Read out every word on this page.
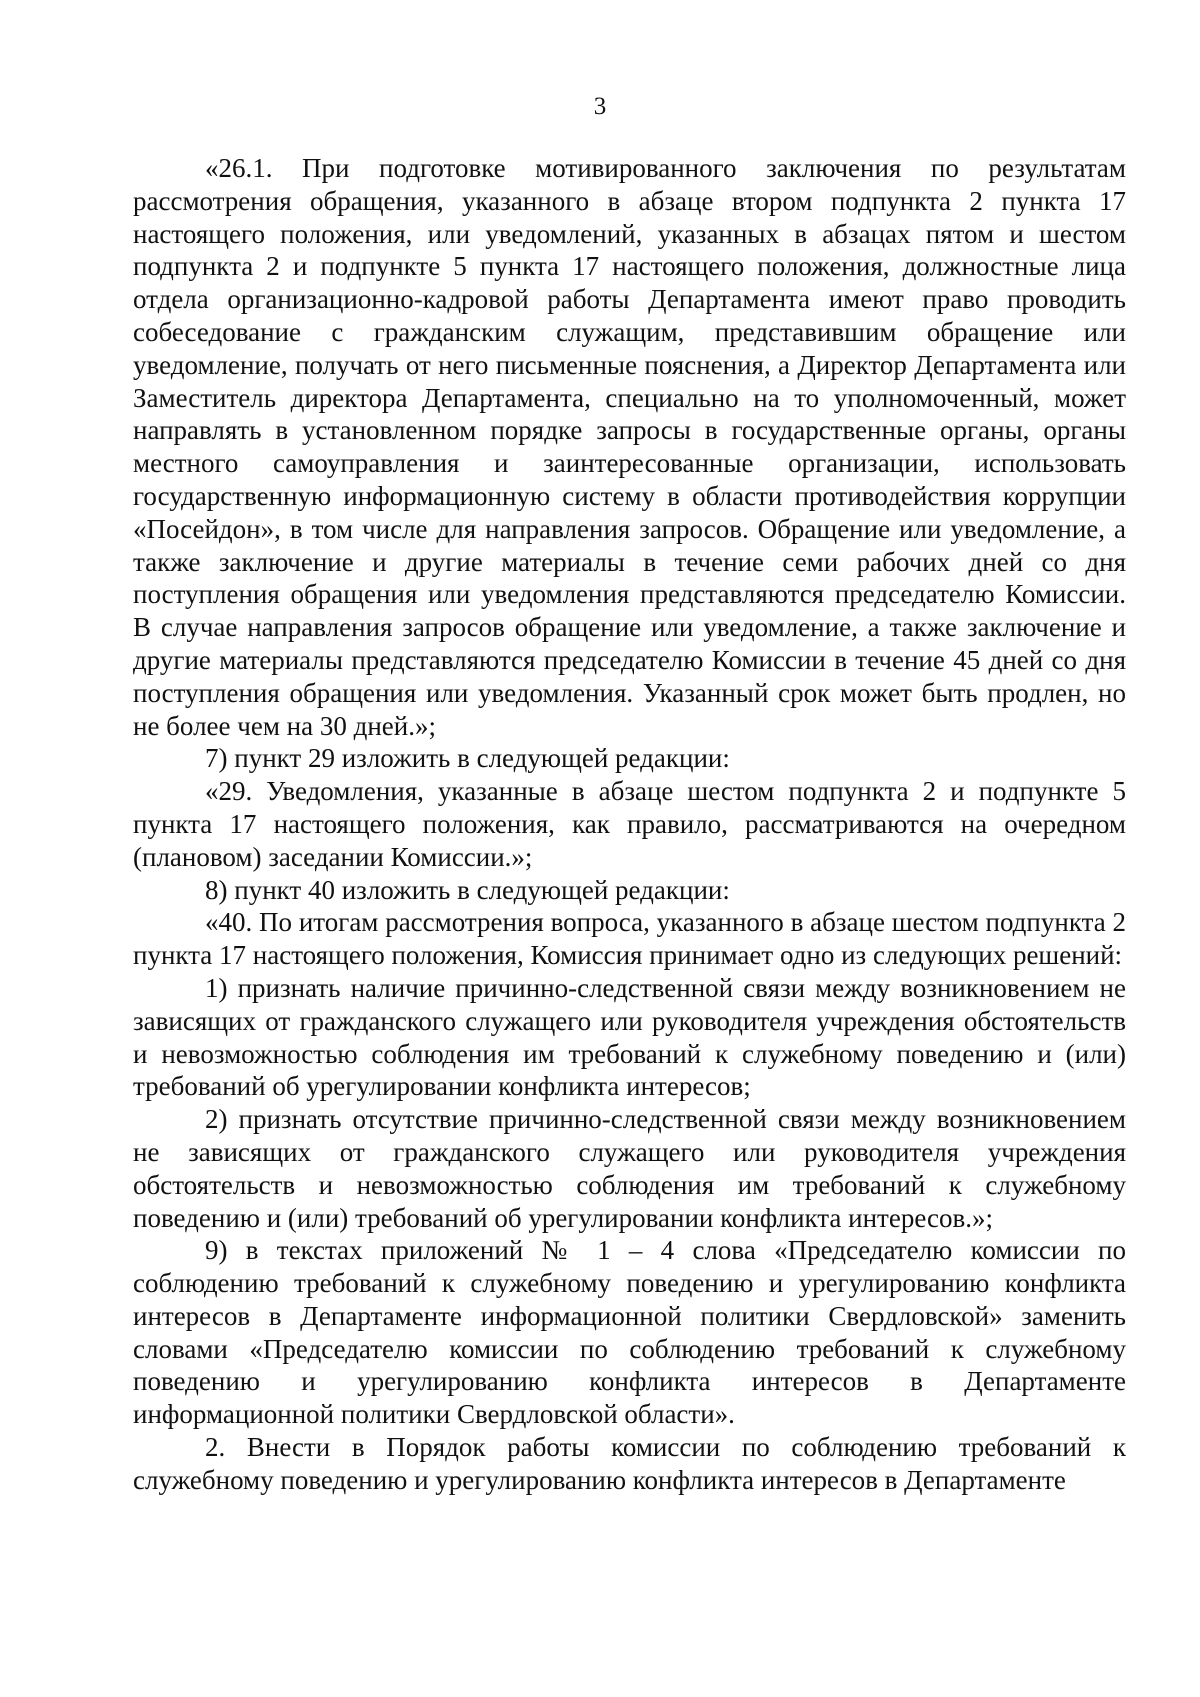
3

«26.1. При подготовке мотивированного заключения по результатам рассмотрения обращения, указанного в абзаце втором подпункта 2 пункта 17 настоящего положения, или уведомлений, указанных в абзацах пятом и шестом подпункта 2 и подпункте 5 пункта 17 настоящего положения, должностные лица отдела организационно-кадровой работы Департамента имеют право проводить собеседование с гражданским служащим, представившим обращение или уведомление, получать от него письменные пояснения, а Директор Департамента или Заместитель директора Департамента, специально на то уполномоченный, может направлять в установленном порядке запросы в государственные органы, органы местного самоуправления и заинтересованные организации, использовать государственную информационную систему в области противодействия коррупции «Посейдон», в том числе для направления запросов. Обращение или уведомление, а также заключение и другие материалы в течение семи рабочих дней со дня поступления обращения или уведомления представляются председателю Комиссии. В случае направления запросов обращение или уведомление, а также заключение и другие материалы представляются председателю Комиссии в течение 45 дней со дня поступления обращения или уведомления. Указанный срок может быть продлен, но не более чем на 30 дней.»;

7) пункт 29 изложить в следующей редакции:

«29. Уведомления, указанные в абзаце шестом подпункта 2 и подпункте 5 пункта 17 настоящего положения, как правило, рассматриваются на очередном (плановом) заседании Комиссии.»;

8) пункт 40 изложить в следующей редакции:

«40. По итогам рассмотрения вопроса, указанного в абзаце шестом подпункта 2 пункта 17 настоящего положения, Комиссия принимает одно из следующих решений:

1) признать наличие причинно-следственной связи между возникновением не зависящих от гражданского служащего или руководителя учреждения обстоятельств и невозможностью соблюдения им требований к служебному поведению и (или) требований об урегулировании конфликта интересов;

2) признать отсутствие причинно-следственной связи между возникновением не зависящих от гражданского служащего или руководителя учреждения обстоятельств и невозможностью соблюдения им требований к служебному поведению и (или) требований об урегулировании конфликта интересов.»;

9) в текстах приложений № 1 – 4 слова «Председателю комиссии по соблюдению требований к служебному поведению и урегулированию конфликта интересов в Департаменте информационной политики Свердловской» заменить словами «Председателю комиссии по соблюдению требований к служебному поведению и урегулированию конфликта интересов в Департаменте информационной политики Свердловской области».

2. Внести в Порядок работы комиссии по соблюдению требований к служебному поведению и урегулированию конфликта интересов в Департаменте
